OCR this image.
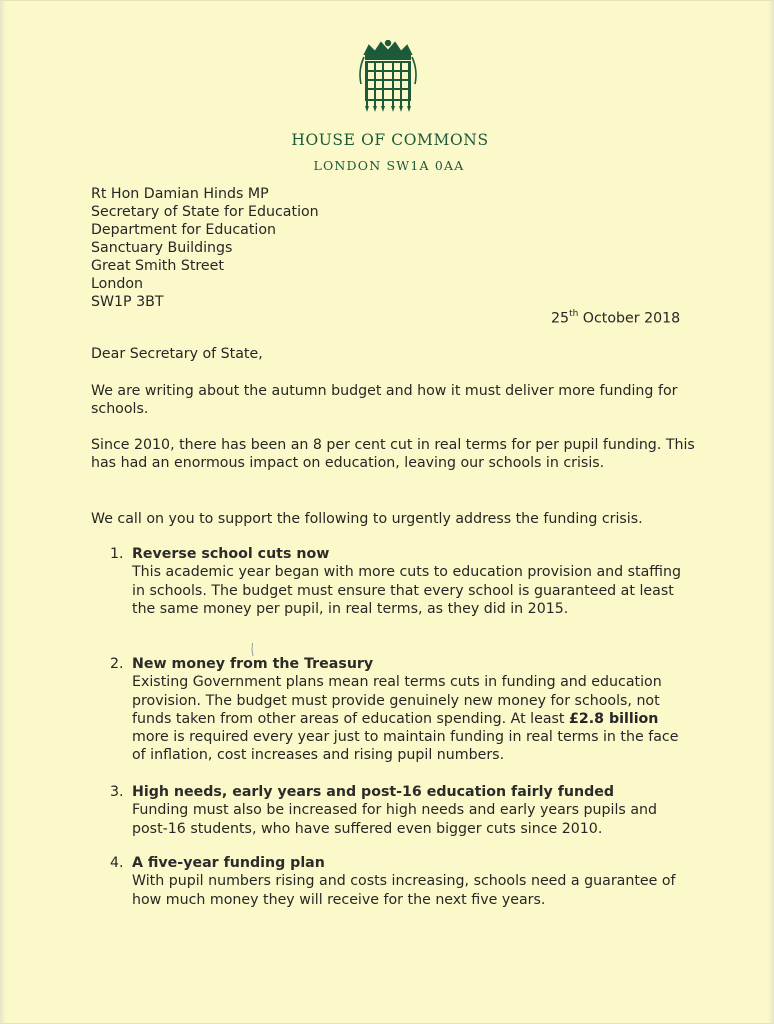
HOUSE OF COMMONS
LONDON SW1A 0AA
Rt Hon Damian Hinds MP
Secretary of State for Education
Department for Education
Sanctuary Buildings
Great Smith Street
London
SW1P 3BT
25th October 2018
Dear Secretary of State,
We are writing about the autumn budget and how it must deliver more funding for schools.
Since 2010, there has been an 8 per cent cut in real terms for per pupil funding. This has had an enormous impact on education, leaving our schools in crisis.
We call on you to support the following to urgently address the funding crisis.
1. Reverse school cuts now
This academic year began with more cuts to education provision and staffing in schools. The budget must ensure that every school is guaranteed at least the same money per pupil, in real terms, as they did in 2015.
2. New money from the Treasury
Existing Government plans mean real terms cuts in funding and education provision. The budget must provide genuinely new money for schools, not funds taken from other areas of education spending. At least £2.8 billion more is required every year just to maintain funding in real terms in the face of inflation, cost increases and rising pupil numbers.
3. High needs, early years and post-16 education fairly funded
Funding must also be increased for high needs and early years pupils and post-16 students, who have suffered even bigger cuts since 2010.
4. A five-year funding plan
With pupil numbers rising and costs increasing, schools need a guarantee of how much money they will receive for the next five years.
